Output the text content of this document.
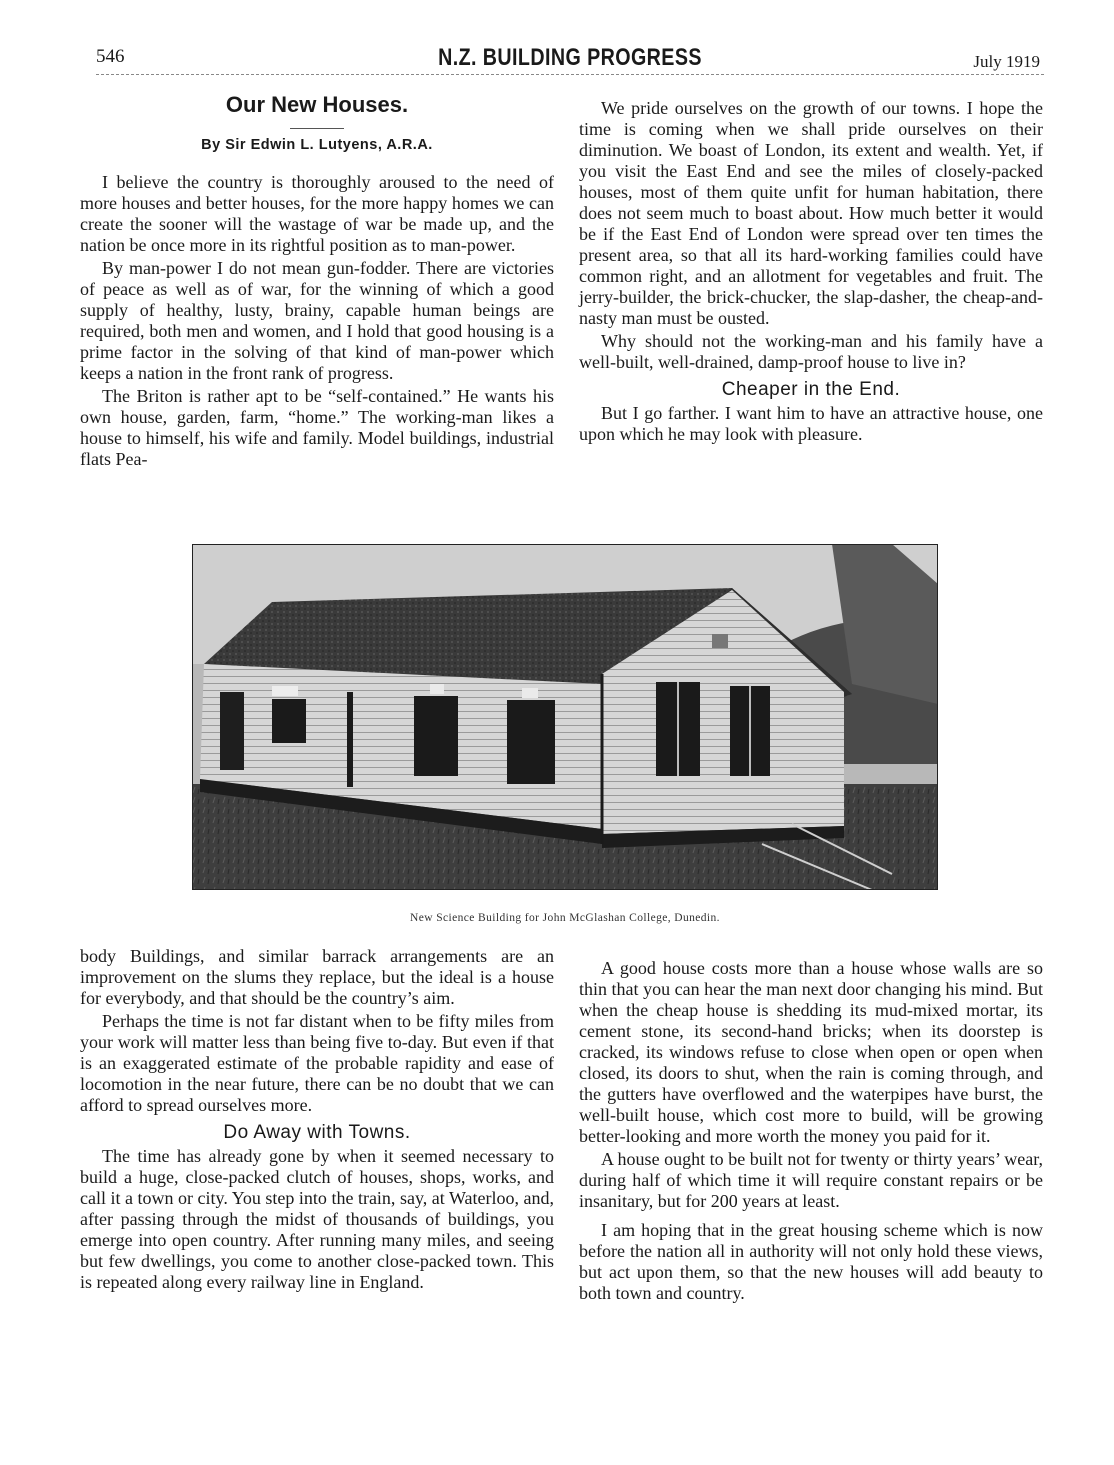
546	N.Z. BUILDING PROGRESS	July 1919
Our New Houses.
By Sir Edwin L. Lutyens, A.R.A.

I believe the country is thoroughly aroused to the need of more houses and better houses, for the more happy homes we can create the sooner will the wastage of war be made up, and the nation be once more in its rightful position as to man-power.

By man-power I do not mean gun-fodder. There are victories of peace as well as of war, for the winning of which a good supply of healthy, lusty, brainy, capable human beings are required, both men and women, and I hold that good housing is a prime factor in the solving of that kind of man-power which keeps a nation in the front rank of progress.

The Briton is rather apt to be “self-contained.” He wants his own house, garden, farm, “home.” The working-man likes a house to himself, his wife and family. Model buildings, industrial flats Pea-

We pride ourselves on the growth of our towns. I hope the time is coming when we shall pride ourselves on their diminution. We boast of London, its extent and wealth. Yet, if you visit the East End and see the miles of closely-packed houses, most of them quite unfit for human habitation, there does not seem much to boast about. How much better it would be if the East End of London were spread over ten times the present area, so that all its hard-working families could have common right, and an allotment for vegetables and fruit. The jerry-builder, the brick-chucker, the slap-dasher, the cheap-and-nasty man must be ousted.

Why should not the working-man and his family have a well-built, well-drained, damp-proof house to live in?

Cheaper in the End.

But I go farther. I want him to have an attractive house, one upon which he may look with pleasure.

New Science Building for John McGlashan College, Dunedin.

body Buildings, and similar barrack arrangements are an improvement on the slums they replace, but the ideal is a house for everybody, and that should be the country’s aim.

Perhaps the time is not far distant when to be fifty miles from your work will matter less than being five to-day. But even if that is an exaggerated estimate of the probable rapidity and ease of locomotion in the near future, there can be no doubt that we can afford to spread ourselves more.

Do Away with Towns.

The time has already gone by when it seemed necessary to build a huge, close-packed clutch of houses, shops, works, and call it a town or city. You step into the train, say, at Waterloo, and, after passing through the midst of thousands of buildings, you emerge into open country. After running many miles, and seeing but few dwellings, you come to another close-packed town. This is repeated along every railway line in England.

A good house costs more than a house whose walls are so thin that you can hear the man next door changing his mind. But when the cheap house is shedding its mud-mixed mortar, its cement stone, its second-hand bricks; when its doorstep is cracked, its windows refuse to close when open or open when closed, its doors to shut, when the rain is coming through, and the gutters have overflowed and the waterpipes have burst, the well-built house, which cost more to build, will be growing better-looking and more worth the money you paid for it.

A house ought to be built not for twenty or thirty years’ wear, during half of which time it will require constant repairs or be insanitary, but for 200 years at least.

I am hoping that in the great housing scheme which is now before the nation all in authority will not only hold these views, but act upon them, so that the new houses will add beauty to both town and country.
